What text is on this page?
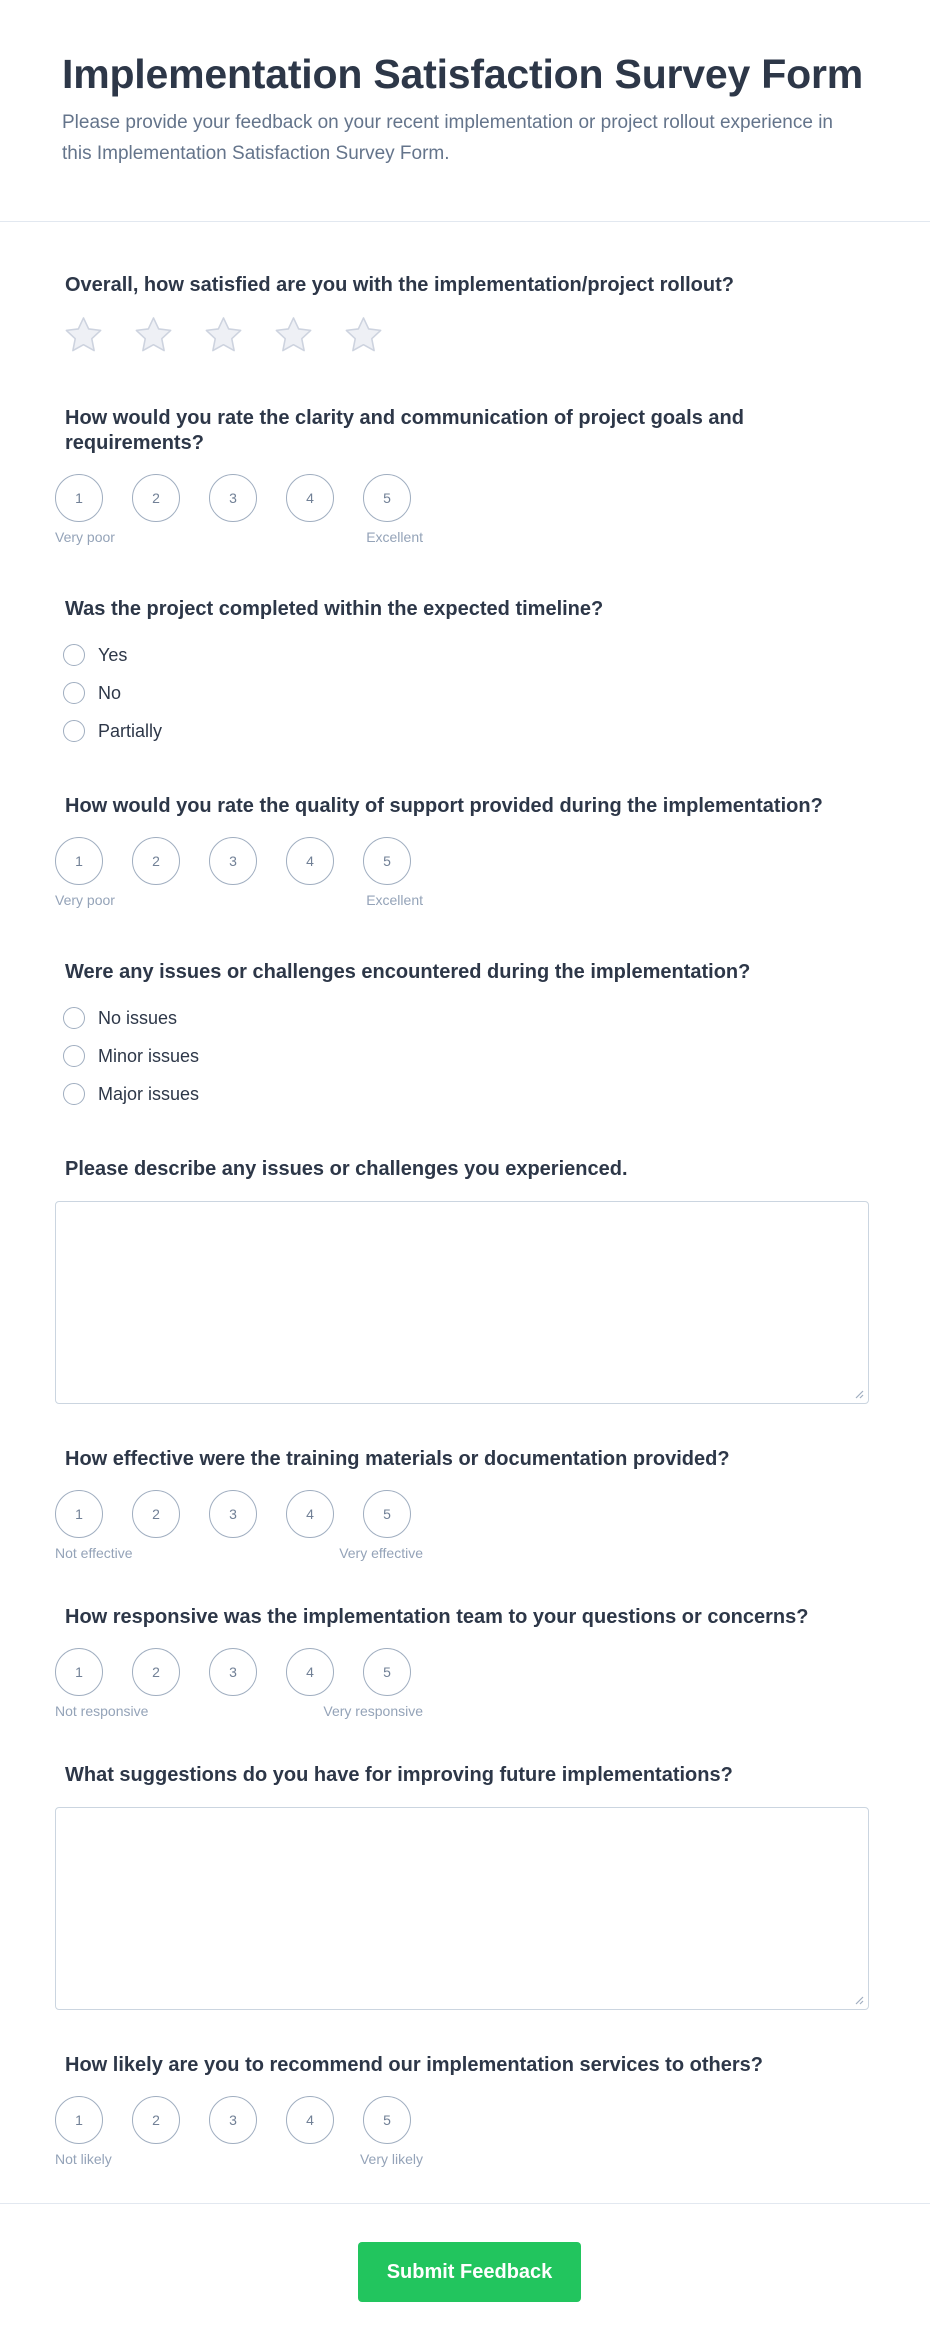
Implementation Satisfaction Survey Form

Please provide your feedback on your recent implementation or project rollout experience in this Implementation Satisfaction Survey Form.

Overall, how satisfied are you with the implementation/project rollout?

How would you rate the clarity and communication of project goals and requirements?

1	2	3	4	5
Very poor	Excellent

Was the project completed within the expected timeline?

Yes
No
Partially

How would you rate the quality of support provided during the implementation?

1	2	3	4	5
Very poor	Excellent

Were any issues or challenges encountered during the implementation?

No issues
Minor issues
Major issues

Please describe any issues or challenges you experienced.

How effective were the training materials or documentation provided?

1	2	3	4	5
Not effective	Very effective

How responsive was the implementation team to your questions or concerns?

1	2	3	4	5
Not responsive	Very responsive

What suggestions do you have for improving future implementations?

How likely are you to recommend our implementation services to others?

1	2	3	4	5
Not likely	Very likely
Submit Feedback
